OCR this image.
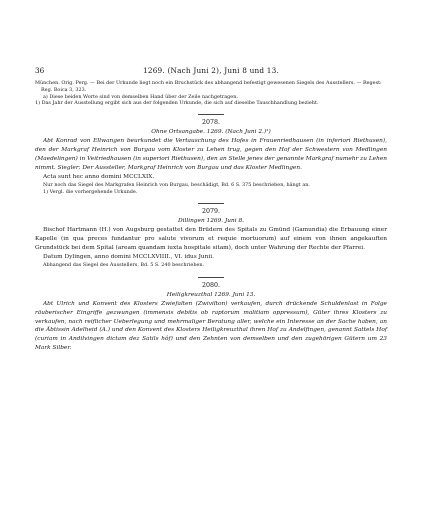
36	1269. (Nach Juni 2), Juni 8 und 13.

München. Orig. Perg. — Bei der Urkunde liegt noch ein Bruchstück des abhangend befestigt gewesenen Siegels des Ausstellers. — Regest: Reg. Boica 3, 323.

a) Diese beiden Worte sind von demselben Hand über der Zeile nachgetragen.

1) Das Jahr der Ausstellung ergibt sich aus der folgenden Urkunde, die sich auf dieselbe Tauschhandlung bezieht.

2078.
Ohne Ortsangabe. 1269. (Nach Juni 2.)¹)

Abt Konrad von Ellwangen beurkundet die Vertauschung des Hofes in Frauenriedhausen (in inferiori Riethusen), den der Markgraf Heinrich von Burgau vom Kloster zu Lehen trug, gegen den Hof der Schwestern von Medlingen (Maedelingen) in Veitriedhausen (in superiori Riethusen), den an Stelle jenes der genannte Markgraf numehr zu Lehen nimmt. Siegler: Der Aussteller, Markgraf Heinrich von Burgau und das Kloster Medlingen.

Acta sunt hec anno domini MCCLXIX.

Nur noch das Siegel des Markgrafen Heinrich von Burgau, beschädigt, Bd. 6 S. 375 beschrieben, hängt an.

1) Vergl. die vorhergehende Urkunde.

2079.
Dillingen 1269. Juni 8.

Bischof Hartmann (H.) von Augsburg gestattet den Brüdern des Spitals zu Gmünd (Gamundia) die Erbauung einer Kapelle (in qua preces fundantur pro salute vivorum et requie mortuorum) auf einem von ihnen angekauften Grundstück bei dem Spital (aream quandam iuxta hospitale sitam), doch unter Wahrung der Rechte der Pfarrei.

Datum Dylingen, anno domini MCCLXVIIII., VI. idus Junii.

Abhangend das Siegel des Ausstellers, Bd. 5 S. 240 beschrieben.

2080.
Heiligkreuzthal 1269. Juni 13.

Abt Ulrich und Konvent des Klosters Zwiefalten (Zwivilton) verkaufen, durch drückende Schuldenlast in Folge räuberischer Eingriffe gezwungen (immensis debitis ob raptorum malitiam oppressum), Güter ihres Klosters zu verkaufen, nach reiflicher Ueberlegung und mehrmaliger Beratung aller, welche ein Interesse an der Sache haben, an die Äbtissin Adelheid (A.) und den Konvent des Klosters Heiligkreuzthal ihren Hof zu Andelfingen, genannt Sattels Hof (curiam in Andilvingen dictam dez Satils hôf) und den Zehnten von demselben und den zugehörigen Gütern um 23 Mark Silber.
